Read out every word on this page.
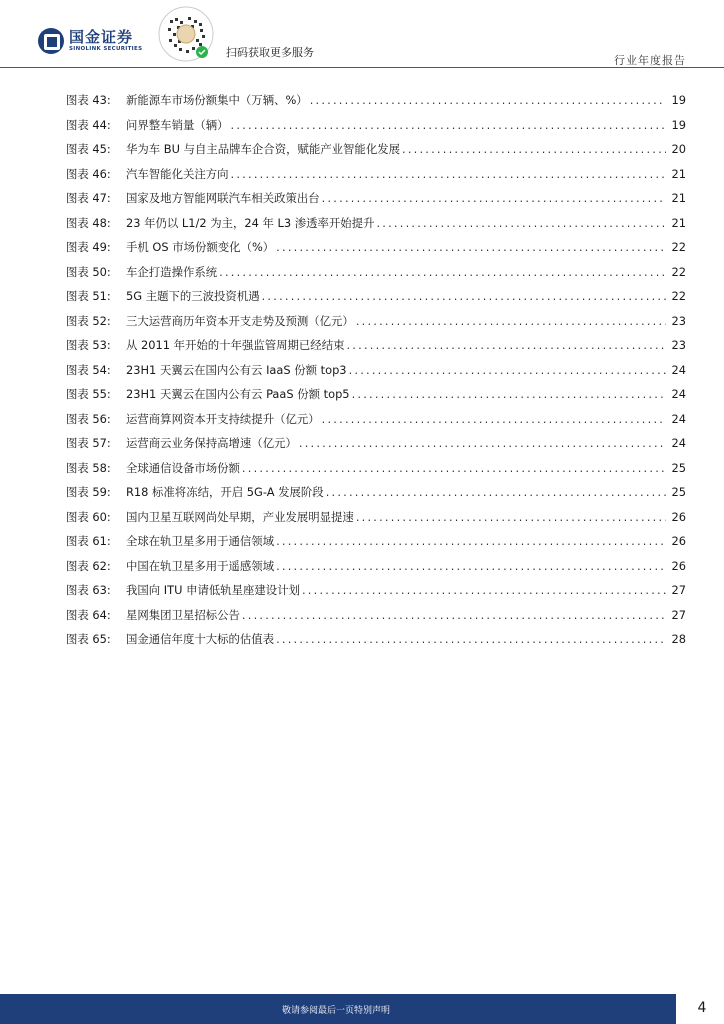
国金证券
SINOLINK SECURITIES	扫码获取更多服务
行业年度报告
图表 43:	新能源车市场份额集中（万辆、%） .....	19
图表 44:	问界整车销量（辆） .....	19
图表 45:	华为车 BU 与自主品牌车企合资，赋能产业智能化发展 .....	20
图表 46:	汽车智能化关注方向 .....	21
图表 47:	国家及地方智能网联汽车相关政策出台 .....	21
图表 48:	23 年仍以 L1/2 为主，24 年 L3 渗透率开始提升 .....	21
图表 49:	手机 OS 市场份额变化（%） .....	22
图表 50:	车企打造操作系统 .....	22
图表 51:	5G 主题下的三波投资机遇 .....	22
图表 52:	三大运营商历年资本开支走势及预测（亿元） .....	23
图表 53:	从 2011 年开始的十年强监管周期已经结束 .....	23
图表 54:	23H1 天翼云在国内公有云 IaaS 份额 top3 .....	24
图表 55:	23H1 天翼云在国内公有云 PaaS 份额 top5 .....	24
图表 56:	运营商算网资本开支持续提升（亿元） .....	24
图表 57:	运营商云业务保持高增速（亿元） .....	24
图表 58:	全球通信设备市场份额 .....	25
图表 59:	R18 标准将冻结，开启 5G-A 发展阶段 .....	25
图表 60:	国内卫星互联网尚处早期，产业发展明显提速 .....	26
图表 61:	全球在轨卫星多用于通信领域 .....	26
图表 62:	中国在轨卫星多用于遥感领域 .....	26
图表 63:	我国向 ITU 申请低轨星座建设计划 .....	27
图表 64:	星网集团卫星招标公告 .....	27
图表 65:	国金通信年度十大标的估值表 .....	28
敬请参阅最后一页特别声明	4
